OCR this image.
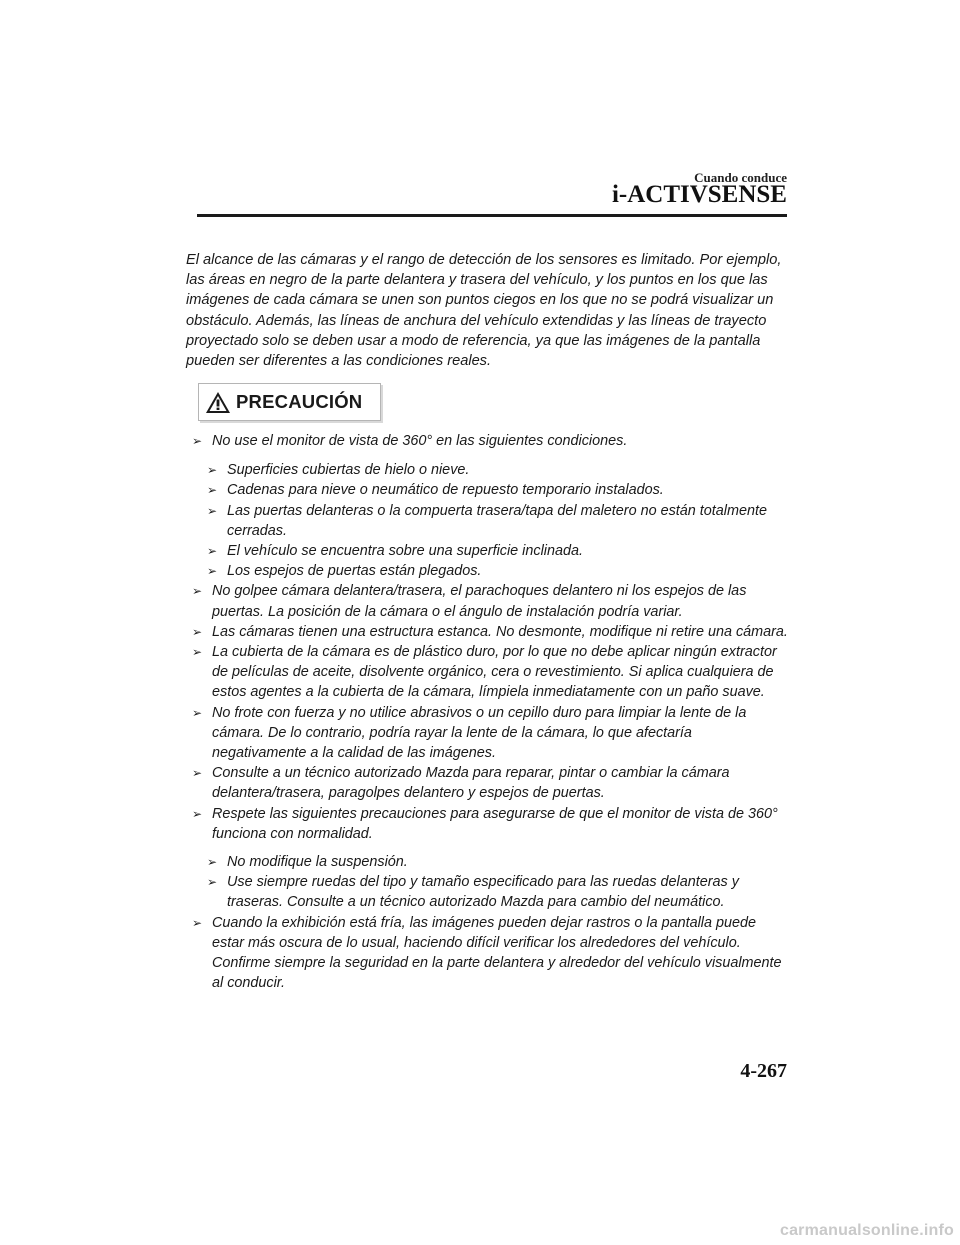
Cuando conduce
i-ACTIVSENSE

El alcance de las cámaras y el rango de detección de los sensores es limitado. Por ejemplo, las áreas en negro de la parte delantera y trasera del vehículo, y los puntos en los que las imágenes de cada cámara se unen son puntos ciegos en los que no se podrá visualizar un obstáculo. Además, las líneas de anchura del vehículo extendidas y las líneas de trayecto proyectado solo se deben usar a modo de referencia, ya que las imágenes de la pantalla pueden ser diferentes a las condiciones reales.

PRECAUCIÓN
➢ No use el monitor de vista de 360° en las siguientes condiciones.
➢ Superficies cubiertas de hielo o nieve.
➢ Cadenas para nieve o neumático de repuesto temporario instalados.
➢ Las puertas delanteras o la compuerta trasera/tapa del maletero no están totalmente cerradas.
➢ El vehículo se encuentra sobre una superficie inclinada.
➢ Los espejos de puertas están plegados.
➢ No golpee cámara delantera/trasera, el parachoques delantero ni los espejos de las puertas. La posición de la cámara o el ángulo de instalación podría variar.
➢ Las cámaras tienen una estructura estanca. No desmonte, modifique ni retire una cámara.
➢ La cubierta de la cámara es de plástico duro, por lo que no debe aplicar ningún extractor de películas de aceite, disolvente orgánico, cera o revestimiento. Si aplica cualquiera de estos agentes a la cubierta de la cámara, límpiela inmediatamente con un paño suave.
➢ No frote con fuerza y no utilice abrasivos o un cepillo duro para limpiar la lente de la cámara. De lo contrario, podría rayar la lente de la cámara, lo que afectaría negativamente a la calidad de las imágenes.
➢ Consulte a un técnico autorizado Mazda para reparar, pintar o cambiar la cámara delantera/trasera, paragolpes delantero y espejos de puertas.
➢ Respete las siguientes precauciones para asegurarse de que el monitor de vista de 360° funciona con normalidad.
➢ No modifique la suspensión.
➢ Use siempre ruedas del tipo y tamaño especificado para las ruedas delanteras y traseras. Consulte a un técnico autorizado Mazda para cambio del neumático.
➢ Cuando la exhibición está fría, las imágenes pueden dejar rastros o la pantalla puede estar más oscura de lo usual, haciendo difícil verificar los alrededores del vehículo. Confirme siempre la seguridad en la parte delantera y alrededor del vehículo visualmente al conducir.
4-267
carmanualsonline.info
